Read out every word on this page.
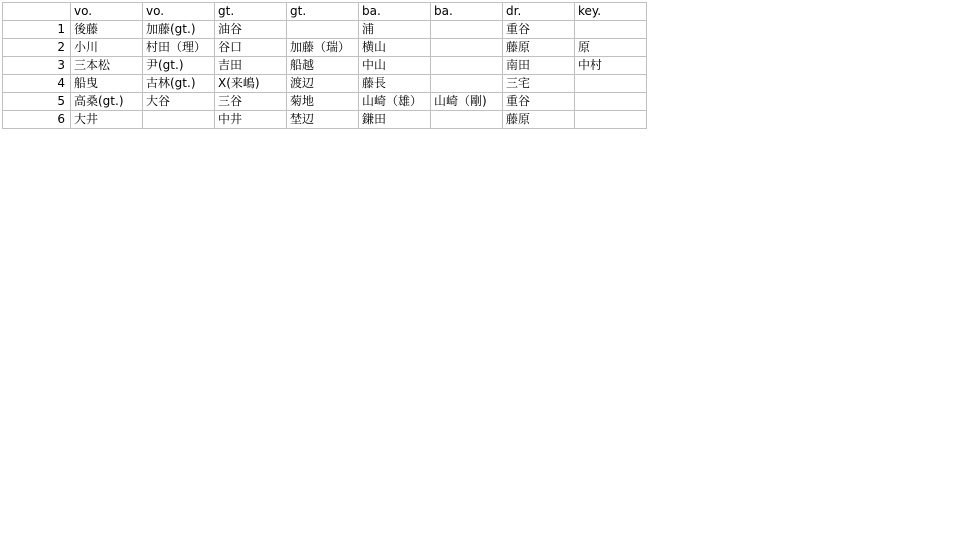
	vo.	vo.	gt.	gt.	ba.	ba.	dr.	key.
1	後藤	加藤(gt.)	油谷		浦		重谷	
2	小川	村田（理）	谷口	加藤（瑞）	横山		藤原	原
3	三本松	尹(gt.)	吉田	船越	中山		南田	中村
4	船曳	古林(gt.)	X(来嶋)	渡辺	藤長		三宅	
5	高桑(gt.)	大谷	三谷	菊地	山崎（雄）	山崎（剛)	重谷	
6	大井		中井	埜辺	鎌田		藤原	
